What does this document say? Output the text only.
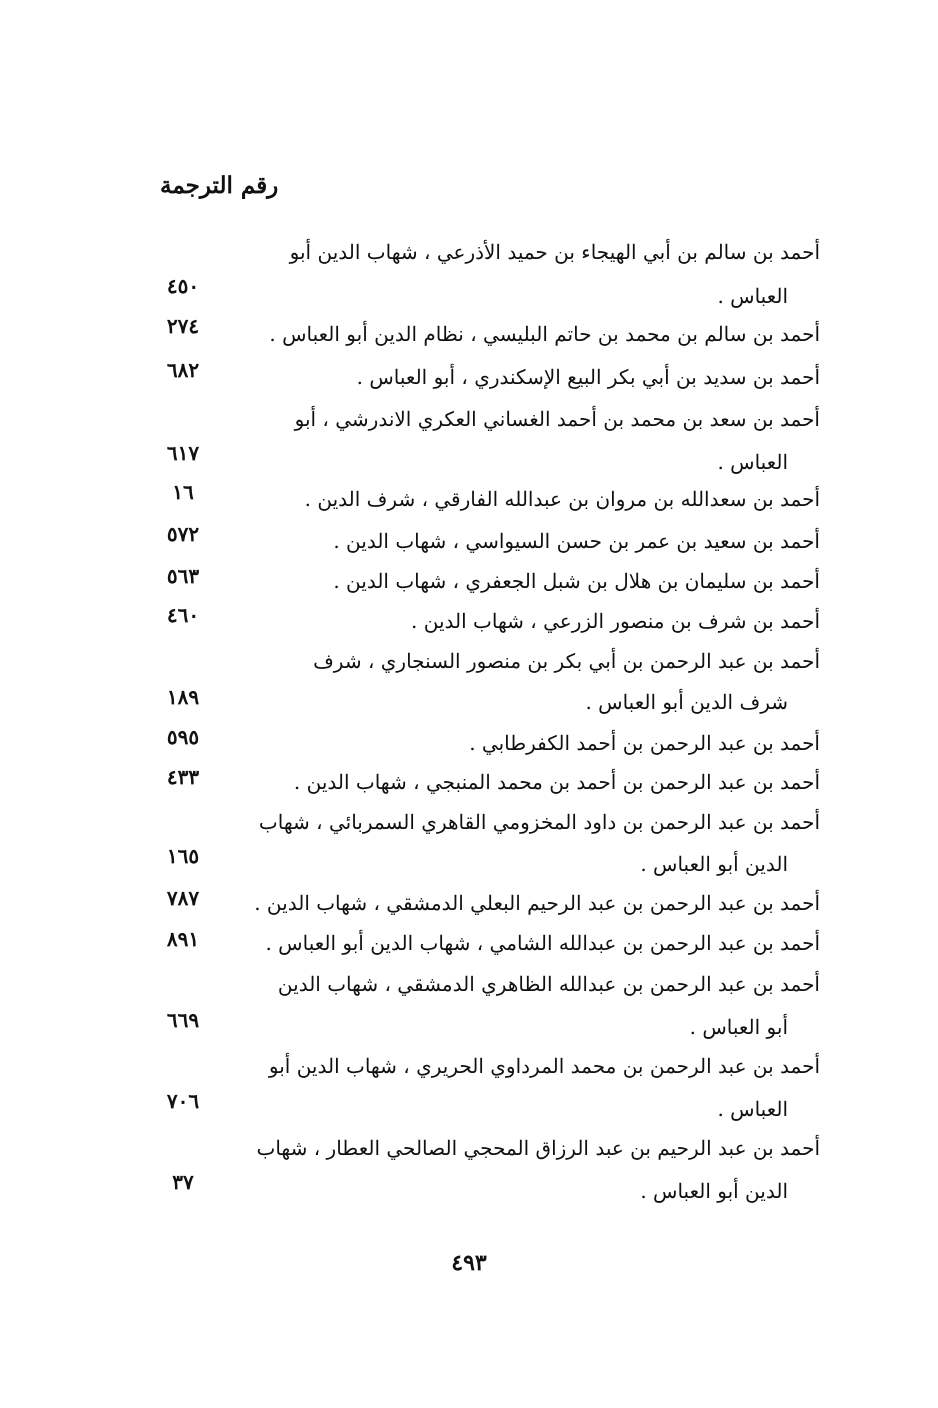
رقم الترجمة
أحمد بن سالم بن أبي الهيجاء بن حميد الأذرعي ، شهاب الدين أبو
العباس .
٤٥٠
أحمد بن سالم بن محمد بن حاتم البليسي ، نظام الدين أبو العباس .
٢٧٤
أحمد بن سديد بن أبي بكر البيع الإسكندري ، أبو العباس .
٦٨٢
أحمد بن سعد بن محمد بن أحمد الغساني العكري الاندرشي ، أبو
العباس .
٦١٧
أحمد بن سعدالله بن مروان بن عبدالله الفارقي ، شرف الدين .
١٦
أحمد بن سعيد بن عمر بن حسن السيواسي ، شهاب الدين .
٥٧٢
أحمد بن سليمان بن هلال بن شبل الجعفري ، شهاب الدين .
٥٦٣
أحمد بن شرف بن منصور الزرعي ، شهاب الدين .
٤٦٠
أحمد بن عبد الرحمن بن أبي بكر بن منصور السنجاري ، شرف
شرف الدين أبو العباس .
١٨٩
أحمد بن عبد الرحمن بن أحمد الكفرطابي .
٥٩٥
أحمد بن عبد الرحمن بن أحمد بن محمد المنبجي ، شهاب الدين .
٤٣٣
أحمد بن عبد الرحمن بن داود المخزومي القاهري السمربائي ، شهاب
الدين أبو العباس .
١٦٥
أحمد بن عبد الرحمن بن عبد الرحيم البعلي الدمشقي ، شهاب الدين .
٧٨٧
أحمد بن عبد الرحمن بن عبدالله الشامي ، شهاب الدين أبو العباس .
٨٩١
أحمد بن عبد الرحمن بن عبدالله الظاهري الدمشقي ، شهاب الدين
أبو العباس .
٦٦٩
أحمد بن عبد الرحمن بن محمد المرداوي الحريري ، شهاب الدين أبو
العباس .
٧٠٦
أحمد بن عبد الرحيم بن عبد الرزاق المحجي الصالحي العطار ، شهاب
الدين أبو العباس .
٣٧
٤٩٣
